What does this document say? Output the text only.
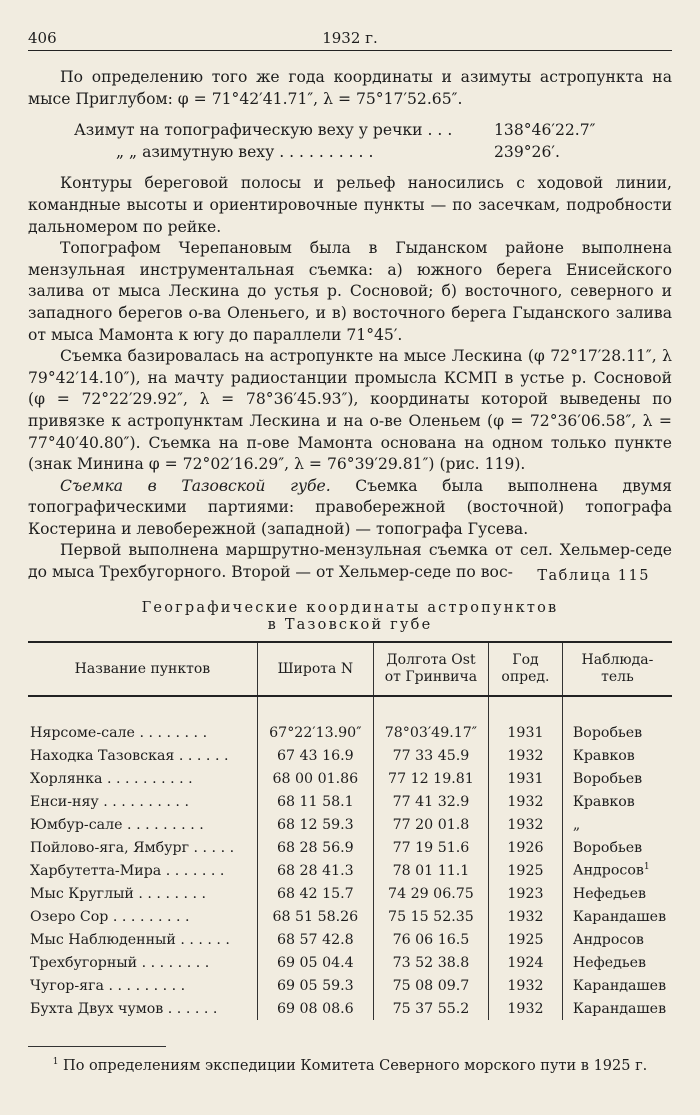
406	1932 г.

По определению того же года координаты и азимуты астропункта на мысе Приглубом: φ = 71°42′41.71″, λ = 75°17′52.65″.

Азимут на топографическую веху у речки . . .	138°46′22.7″
„ „ азимутную веху . . . . . . . . . .	239°26′.

Контуры береговой полосы и рельеф наносились с ходовой линии, командные высоты и ориентировочные пункты — по засечкам, подробности дальномером по рейке.

Топографом Черепановым была в Гыданском районе выполнена мензульная инструментальная съемка: а) южного берега Енисейского залива от мыса Лескина до устья р. Сосновой; б) восточного, северного и западного берегов о-ва Оленьего, и в) восточного берега Гыданского залива от мыса Мамонта к югу до параллели 71°45′.

Съемка базировалась на астропункте на мысе Лескина (φ 72°17′28.11″, λ 79°42′14.10″), на мачту радиостанции промысла КСМП в устье р. Сосновой (φ = 72°22′29.92″, λ = 78°36′45.93″), координаты которой выведены по привязке к астропунктам Лескина и на о-ве Оленьем (φ = 72°36′06.58″, λ = 77°40′40.80″). Съемка на п-ове Мамонта основана на одном только пункте (знак Минина φ = 72°02′16.29″, λ = 76°39′29.81″) (рис. 119).

Съемка в Тазовской губе. Съемка была выполнена двумя топографическими партиями: правобережной (восточной) топографа Костерина и левобережной (западной) — топографа Гусева.

Первой выполнена маршрутно-мензульная съемка от сел. Хельмер-седе до мыса Трехбугорного. Второй — от Хельмер-седе по вос-	Таблица 115
Географические координаты астропунктов
в Тазовской губе
Название пунктов	Широта N	Долгота Ost от Гринвича	Год опред.	Наблюда-тель

Нярсоме-сале . . . . . . . .	67°22′13.90″	78°03′49.17″	1931	Воробьев
Находка Тазовская . . . . . .	67 43 16.9	77 33 45.9	1932	Кравков
Хорлянка . . . . . . . . . .	68 00 01.86	77 12 19.81	1931	Воробьев
Енси-няу . . . . . . . . . .	68 11 58.1	77 41 32.9	1932	Кравков
Юмбур-сале . . . . . . . . .	68 12 59.3	77 20 01.8	1932	„
Пойлово-яга, Ямбург . . . . .	68 28 56.9	77 19 51.6	1926	Воробьев
Харбутетта-Мира . . . . . . .	68 28 41.3	78 01 11.1	1925	Андросов$^1$
Мыс Круглый . . . . . . . .	68 42 15.7	74 29 06.75	1923	Нефедьев
Озеро Сор . . . . . . . . .	68 51 58.26	75 15 52.35	1932	Карандашев
Мыс Наблюденный . . . . . .	68 57 42.8	76 06 16.5	1925	Андросов
Трехбугорный . . . . . . . .	69 05 04.4	73 52 38.8	1924	Нефедьев
Чугор-яга . . . . . . . . .	69 05 59.3	75 08 09.7	1932	Карандашев
Бухта Двух чумов . . . . . .	69 08 08.6	75 37 55.2	1932	Карандашев
$^1$ По определениям экспедиции Комитета Северного морского пути в 1925 г.
